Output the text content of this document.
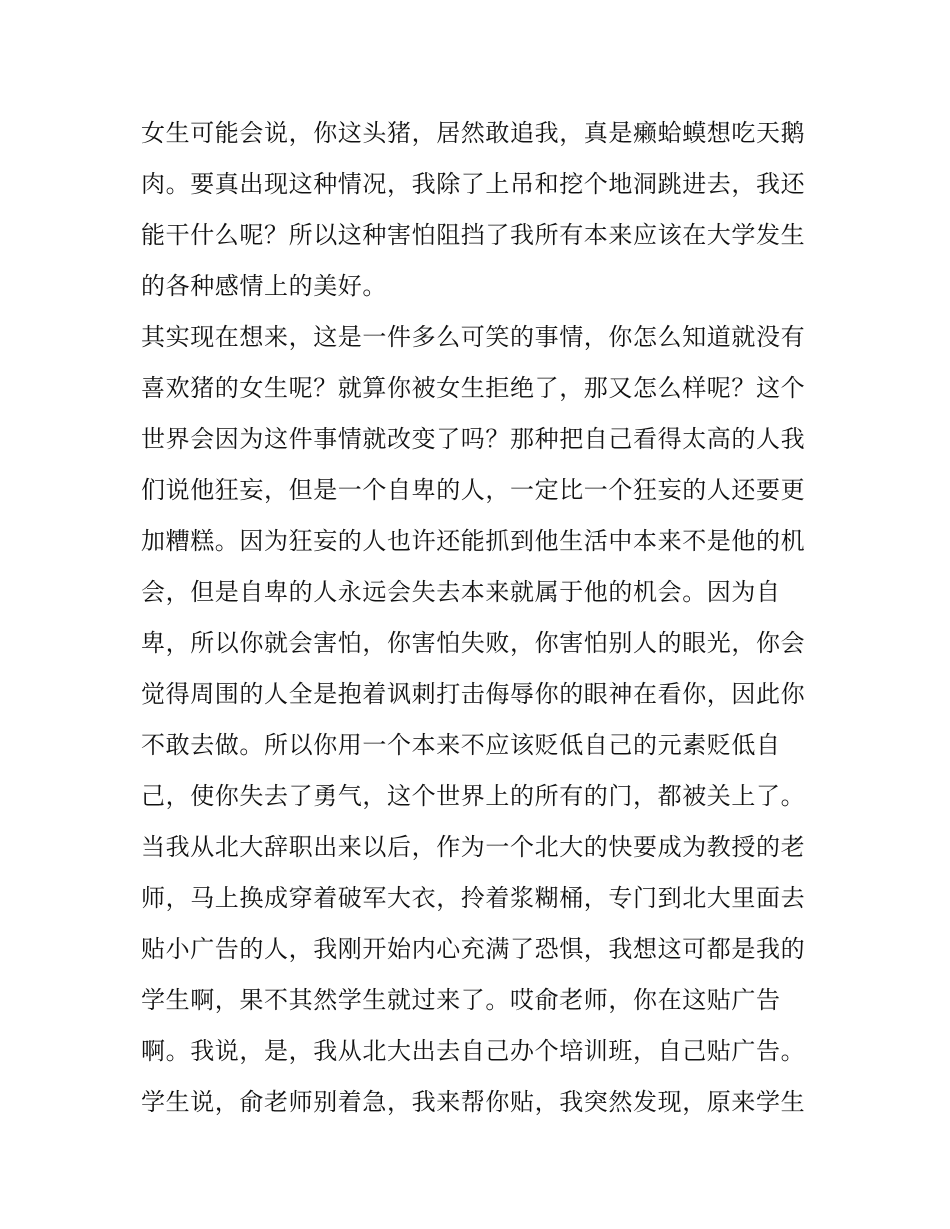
女生可能会说，你这头猪，居然敢追我，真是癞蛤蟆想吃天鹅
肉。要真出现这种情况，我除了上吊和挖个地洞跳进去，我还
能干什么呢？所以这种害怕阻挡了我所有本来应该在大学发生
的各种感情上的美好。
其实现在想来，这是一件多么可笑的事情，你怎么知道就没有
喜欢猪的女生呢？就算你被女生拒绝了，那又怎么样呢？这个
世界会因为这件事情就改变了吗？那种把自己看得太高的人我
们说他狂妄，但是一个自卑的人，一定比一个狂妄的人还要更
加糟糕。因为狂妄的人也许还能抓到他生活中本来不是他的机
会，但是自卑的人永远会失去本来就属于他的机会。因为自
卑，所以你就会害怕，你害怕失败，你害怕别人的眼光，你会
觉得周围的人全是抱着讽刺打击侮辱你的眼神在看你，因此你
不敢去做。所以你用一个本来不应该贬低自己的元素贬低自
己，使你失去了勇气，这个世界上的所有的门，都被关上了。
当我从北大辞职出来以后，作为一个北大的快要成为教授的老
师，马上换成穿着破军大衣，拎着浆糊桶，专门到北大里面去
贴小广告的人，我刚开始内心充满了恐惧，我想这可都是我的
学生啊，果不其然学生就过来了。哎俞老师，你在这贴广告
啊。我说，是，我从北大出去自己办个培训班，自己贴广告。
学生说，俞老师别着急，我来帮你贴，我突然发现，原来学生
